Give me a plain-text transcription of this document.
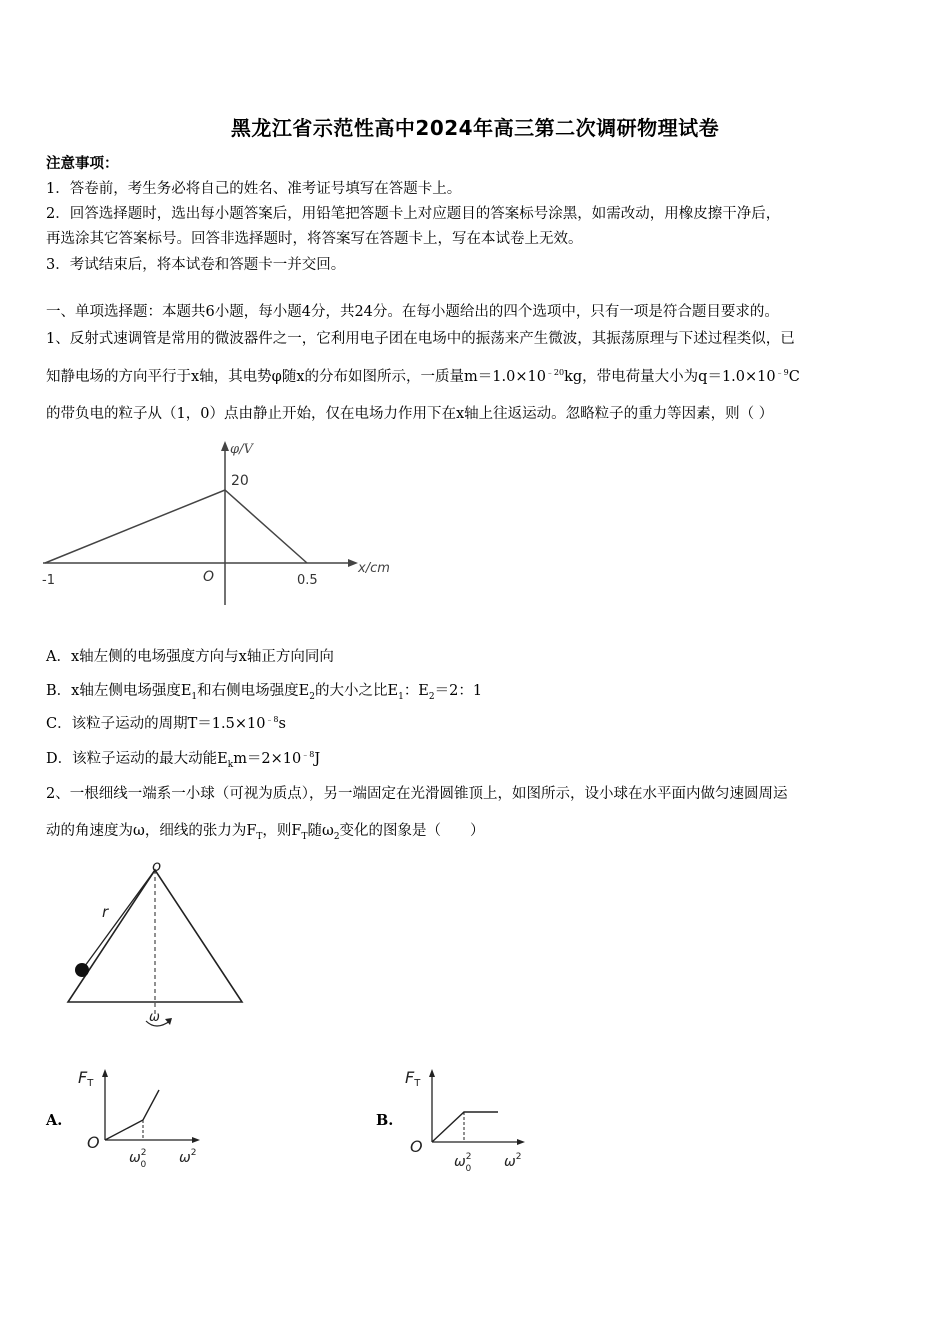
黑龙江省示范性高中2024年高三第二次调研物理试卷
注意事项：
1．答卷前，考生务必将自己的姓名、准考证号填写在答题卡上。
2．回答选择题时，选出每小题答案后，用铅笔把答题卡上对应题目的答案标号涂黑，如需改动，用橡皮擦干净后，
再选涂其它答案标号。回答非选择题时，将答案写在答题卡上，写在本试卷上无效。
3．考试结束后，将本试卷和答题卡一并交回。
一、单项选择题：本题共6小题，每小题4分，共24分。在每小题给出的四个选项中，只有一项是符合题目要求的。
1、反射式速调管是常用的微波器件之一，它利用电子团在电场中的振荡来产生微波，其振荡原理与下述过程类似，已
知静电场的方向平行于x轴，其电势φ随x的分布如图所示，一质量$m=1.0\times 10^{﹣20}kg$，带电荷量大小为$q=1.0\times 10^{﹣9}C$
的带负电的粒子从（1，0）点由静止开始，仅在电场力作用下在x轴上往返运动。忽略粒子的重力等因素，则（ ）
φ/V
x/cm
20
-1	O	0.5
A．x轴左侧的电场强度方向与x轴正方向同向
B．x轴左侧电场强度$E_1$和右侧电场强度$E_2$的大小之比$E_1$：$E_2=2$：1
C．该粒子运动的周期$T=1.5\times 10^{﹣8}s$
D．该粒子运动的最大动能$E_km=2\times 10^{﹣8}J$
2、一根细线一端系一小球（可视为质点），另一端固定在光滑圆锥顶上，如图所示，设小球在水平面内做匀速圆周运
动的角速度为ω，细线的张力为$F_T$，则$F_T$随$\omega_2$变化的图象是（　　）
o
r
ω
A.
FT
O
$\omega^2$ 0 $\omega^2$
B.
FT
O
$\omega^2$ 0 $\omega^2$
